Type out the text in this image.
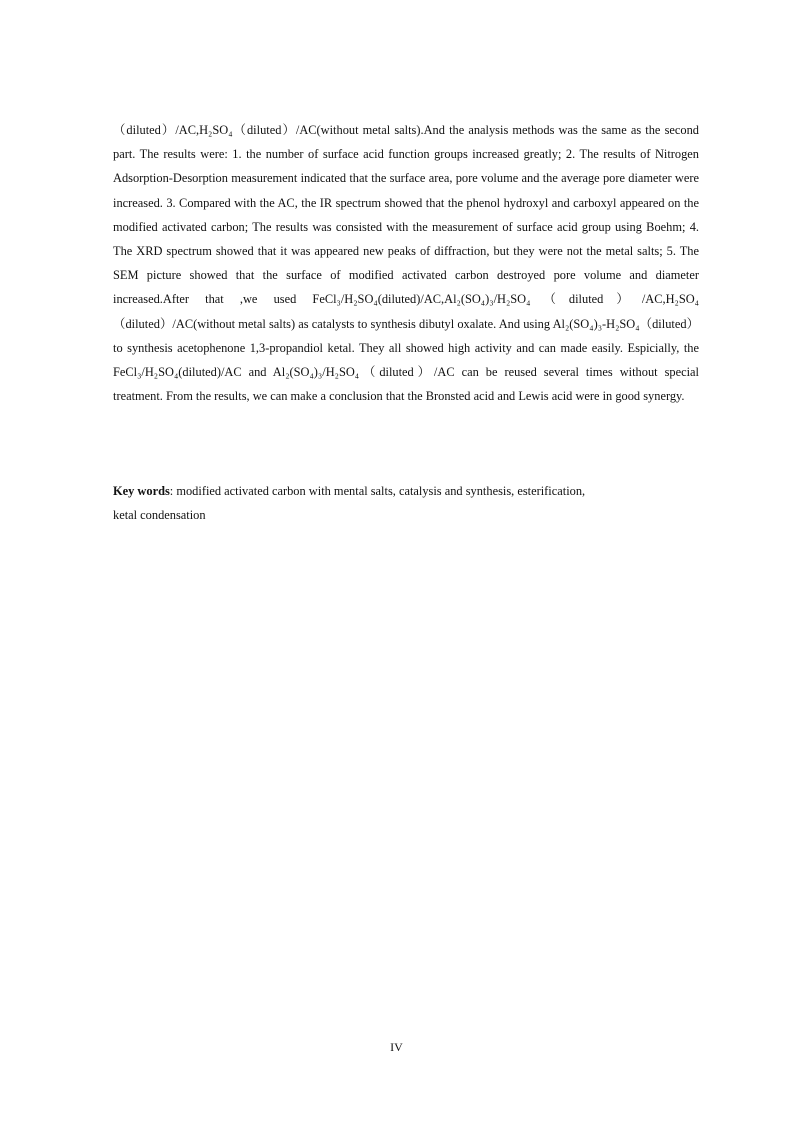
（diluted）/AC,H₂SO₄（diluted）/AC(without metal salts).And the analysis methods was the same as the second part. The results were: 1. the number of surface acid function groups increased greatly; 2. The results of Nitrogen Adsorption-Desorption measurement indicated that the surface area, pore volume and the average pore diameter were increased. 3. Compared with the AC, the IR spectrum showed that the phenol hydroxyl and carboxyl appeared on the modified activated carbon; The results was consisted with the measurement of surface acid group using Boehm; 4. The XRD spectrum showed that it was appeared new peaks of diffraction, but they were not the metal salts; 5. The SEM picture showed that the surface of modified activated carbon destroyed pore volume and diameter increased.After that ,we used FeCl₃/H₂SO₄(diluted)/AC,Al₂(SO₄)₃/H₂SO₄（diluted）/AC,H₂SO₄（diluted）/AC(without metal salts) as catalysts to synthesis dibutyl oxalate. And using Al₂(SO₄)₃-H₂SO₄（diluted）to synthesis acetophenone 1,3-propandiol ketal. They all showed high activity and can made easily. Espicially, the FeCl₃/H₂SO₄(diluted)/AC and Al₂(SO₄)₃/H₂SO₄（diluted）/AC can be reused several times without special treatment. From the results, we can make a conclusion that the Bronsted acid and Lewis acid were in good synergy.

Key words: modified activated carbon with mental salts, catalysis and synthesis, esterification,
ketal condensation

IV
